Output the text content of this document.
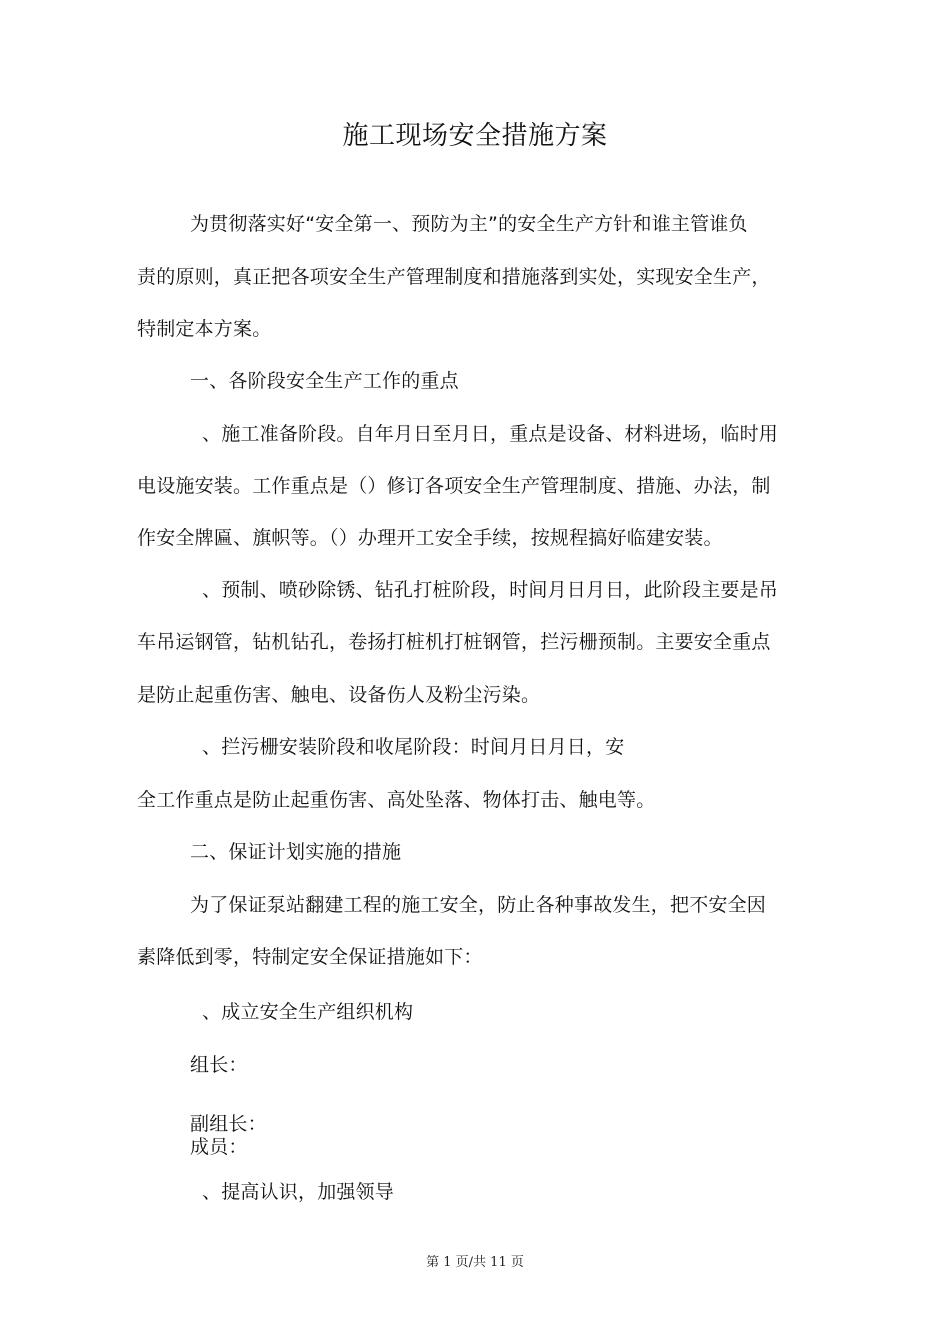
施工现场安全措施方案
为贯彻落实好“安全第一、预防为主”的安全生产方针和谁主管谁负
责的原则，真正把各项安全生产管理制度和措施落到实处，实现安全生产，
特制定本方案。
一、各阶段安全生产工作的重点
、施工准备阶段。自年月日至月日，重点是设备、材料进场，临时用
电设施安装。工作重点是（）修订各项安全生产管理制度、措施、办法，制
作安全牌匾、旗帜等。（）办理开工安全手续，按规程搞好临建安装。
、预制、喷砂除锈、钻孔打桩阶段，时间月日月日，此阶段主要是吊
车吊运钢管，钻机钻孔，卷扬打桩机打桩钢管，拦污栅预制。主要安全重点
是防止起重伤害、触电、设备伤人及粉尘污染。
、拦污栅安装阶段和收尾阶段：时间月日月日，安
全工作重点是防止起重伤害、高处坠落、物体打击、触电等。
二、保证计划实施的措施
为了保证泵站翻建工程的施工安全，防止各种事故发生，把不安全因
素降低到零，特制定安全保证措施如下：
、成立安全生产组织机构
组长：
副组长：
成员：
、提高认识，加强领导
第 1 页/共 11 页
